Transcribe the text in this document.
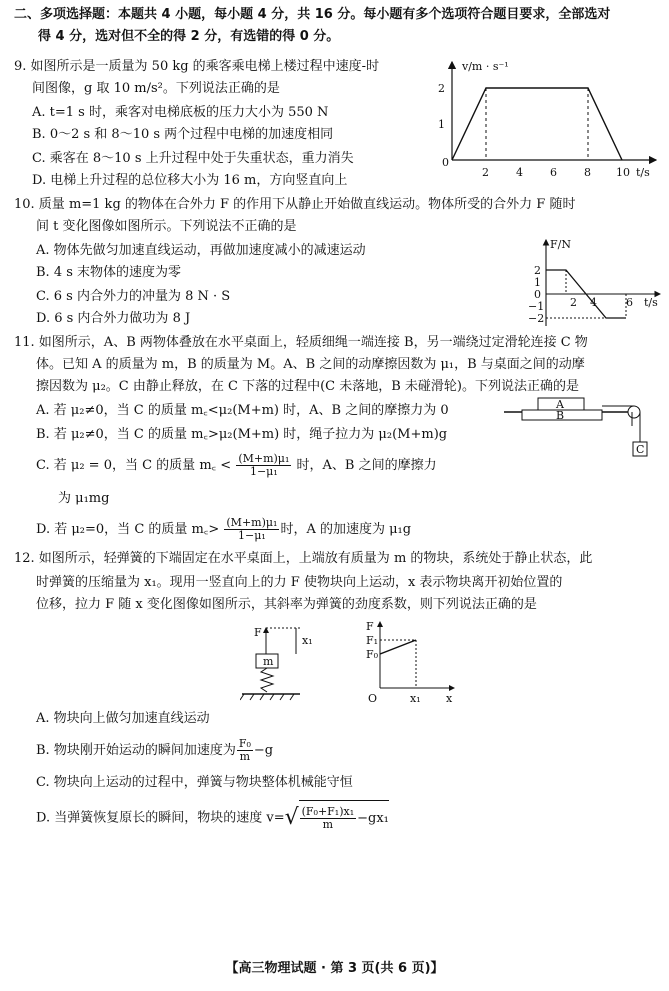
二、多项选择题：本题共 4 小题，每小题 4 分，共 16 分。每小题有多个选项符合题目要求，全部选对
得 4 分，选对但不全的得 2 分，有选错的得 0 分。
9. 如图所示是一质量为 50 kg 的乘客乘电梯上楼过程中速度-时
间图像，g 取 10 m/s²。下列说法正确的是
A. t=1 s 时，乘客对电梯底板的压力大小为 550 N
B. 0～2 s 和 8～10 s 两个过程中电梯的加速度相同
C. 乘客在 8～10 s 上升过程中处于失重状态，重力消失
D. 电梯上升过程的总位移大小为 16 m，方向竖直向上
v/m · s⁻¹
2
1
0
2 4 6 8 10 t/s
10. 质量 m=1 kg 的物体在合外力 F 的作用下从静止开始做直线运动。物体所受的合外力 F 随时
间 t 变化图像如图所示。下列说法不正确的是
A. 物体先做匀加速直线运动，再做加速度减小的减速运动
B. 4 s 末物体的速度为零
C. 6 s 内合外力的冲量为 8 N · S
D. 6 s 内合外力做功为 8 J
F/N
2
1
0
−1
−2
2 4	6 t/s
11. 如图所示，A、B 两物体叠放在水平桌面上，轻质细绳一端连接 B，另一端绕过定滑轮连接 C 物
体。已知 A 的质量为 m，B 的质量为 M。A、B 之间的动摩擦因数为 μ₁，B 与桌面之间的动摩
擦因数为 μ₂。C 由静止释放，在 C 下落的过程中(C 未落地，B 未碰滑轮)。下列说法正确的是
A. 若 μ₂≠0，当 C 的质量 m꜀<μ₂(M+m) 时，A、B 之间的摩擦力为 0
B. 若 μ₂≠0，当 C 的质量 m꜀>μ₂(M+m) 时，绳子拉力为 μ₂(M+m)g
C. 若 μ₂ = 0，当 C 的质量 m꜀ < $\frac{\text{(M+m)μ₁}}{\text{1−μ₁}}$ 时，A、B 之间的摩擦力
为 μ₁mg
D. 若 μ₂=0，当 C 的质量 m꜀> $\frac{\text{(M+m)μ₁}}{\text{1−μ₁}}$ 时，A 的加速度为 μ₁g
A
B
C
12. 如图所示，轻弹簧的下端固定在水平桌面上，上端放有质量为 m 的物块，系统处于静止状态，此
时弹簧的压缩量为 x₁。现用一竖直向上的力 F 使物块向上运动，x 表示物块离开初始位置的
位移，拉力 F 随 x 变化图像如图所示，其斜率为弹簧的劲度系数，则下列说法正确的是
F
x₁
m
F
F₁
F₀
O	x₁ x
A. 物块向上做匀加速直线运动
B. 物块刚开始运动的瞬间加速度为 $\frac{\text{F₀}}{m} -g$
C. 物块向上运动的过程中，弹簧与物块整体机械能守恒
D. 当弹簧恢复原长的瞬间，物块的速度 $v=√ \frac{\text{(F₀+F₁)x₁}}{m} -gx_1$
【高三物理试题 · 第 3 页(共 6 页)】
